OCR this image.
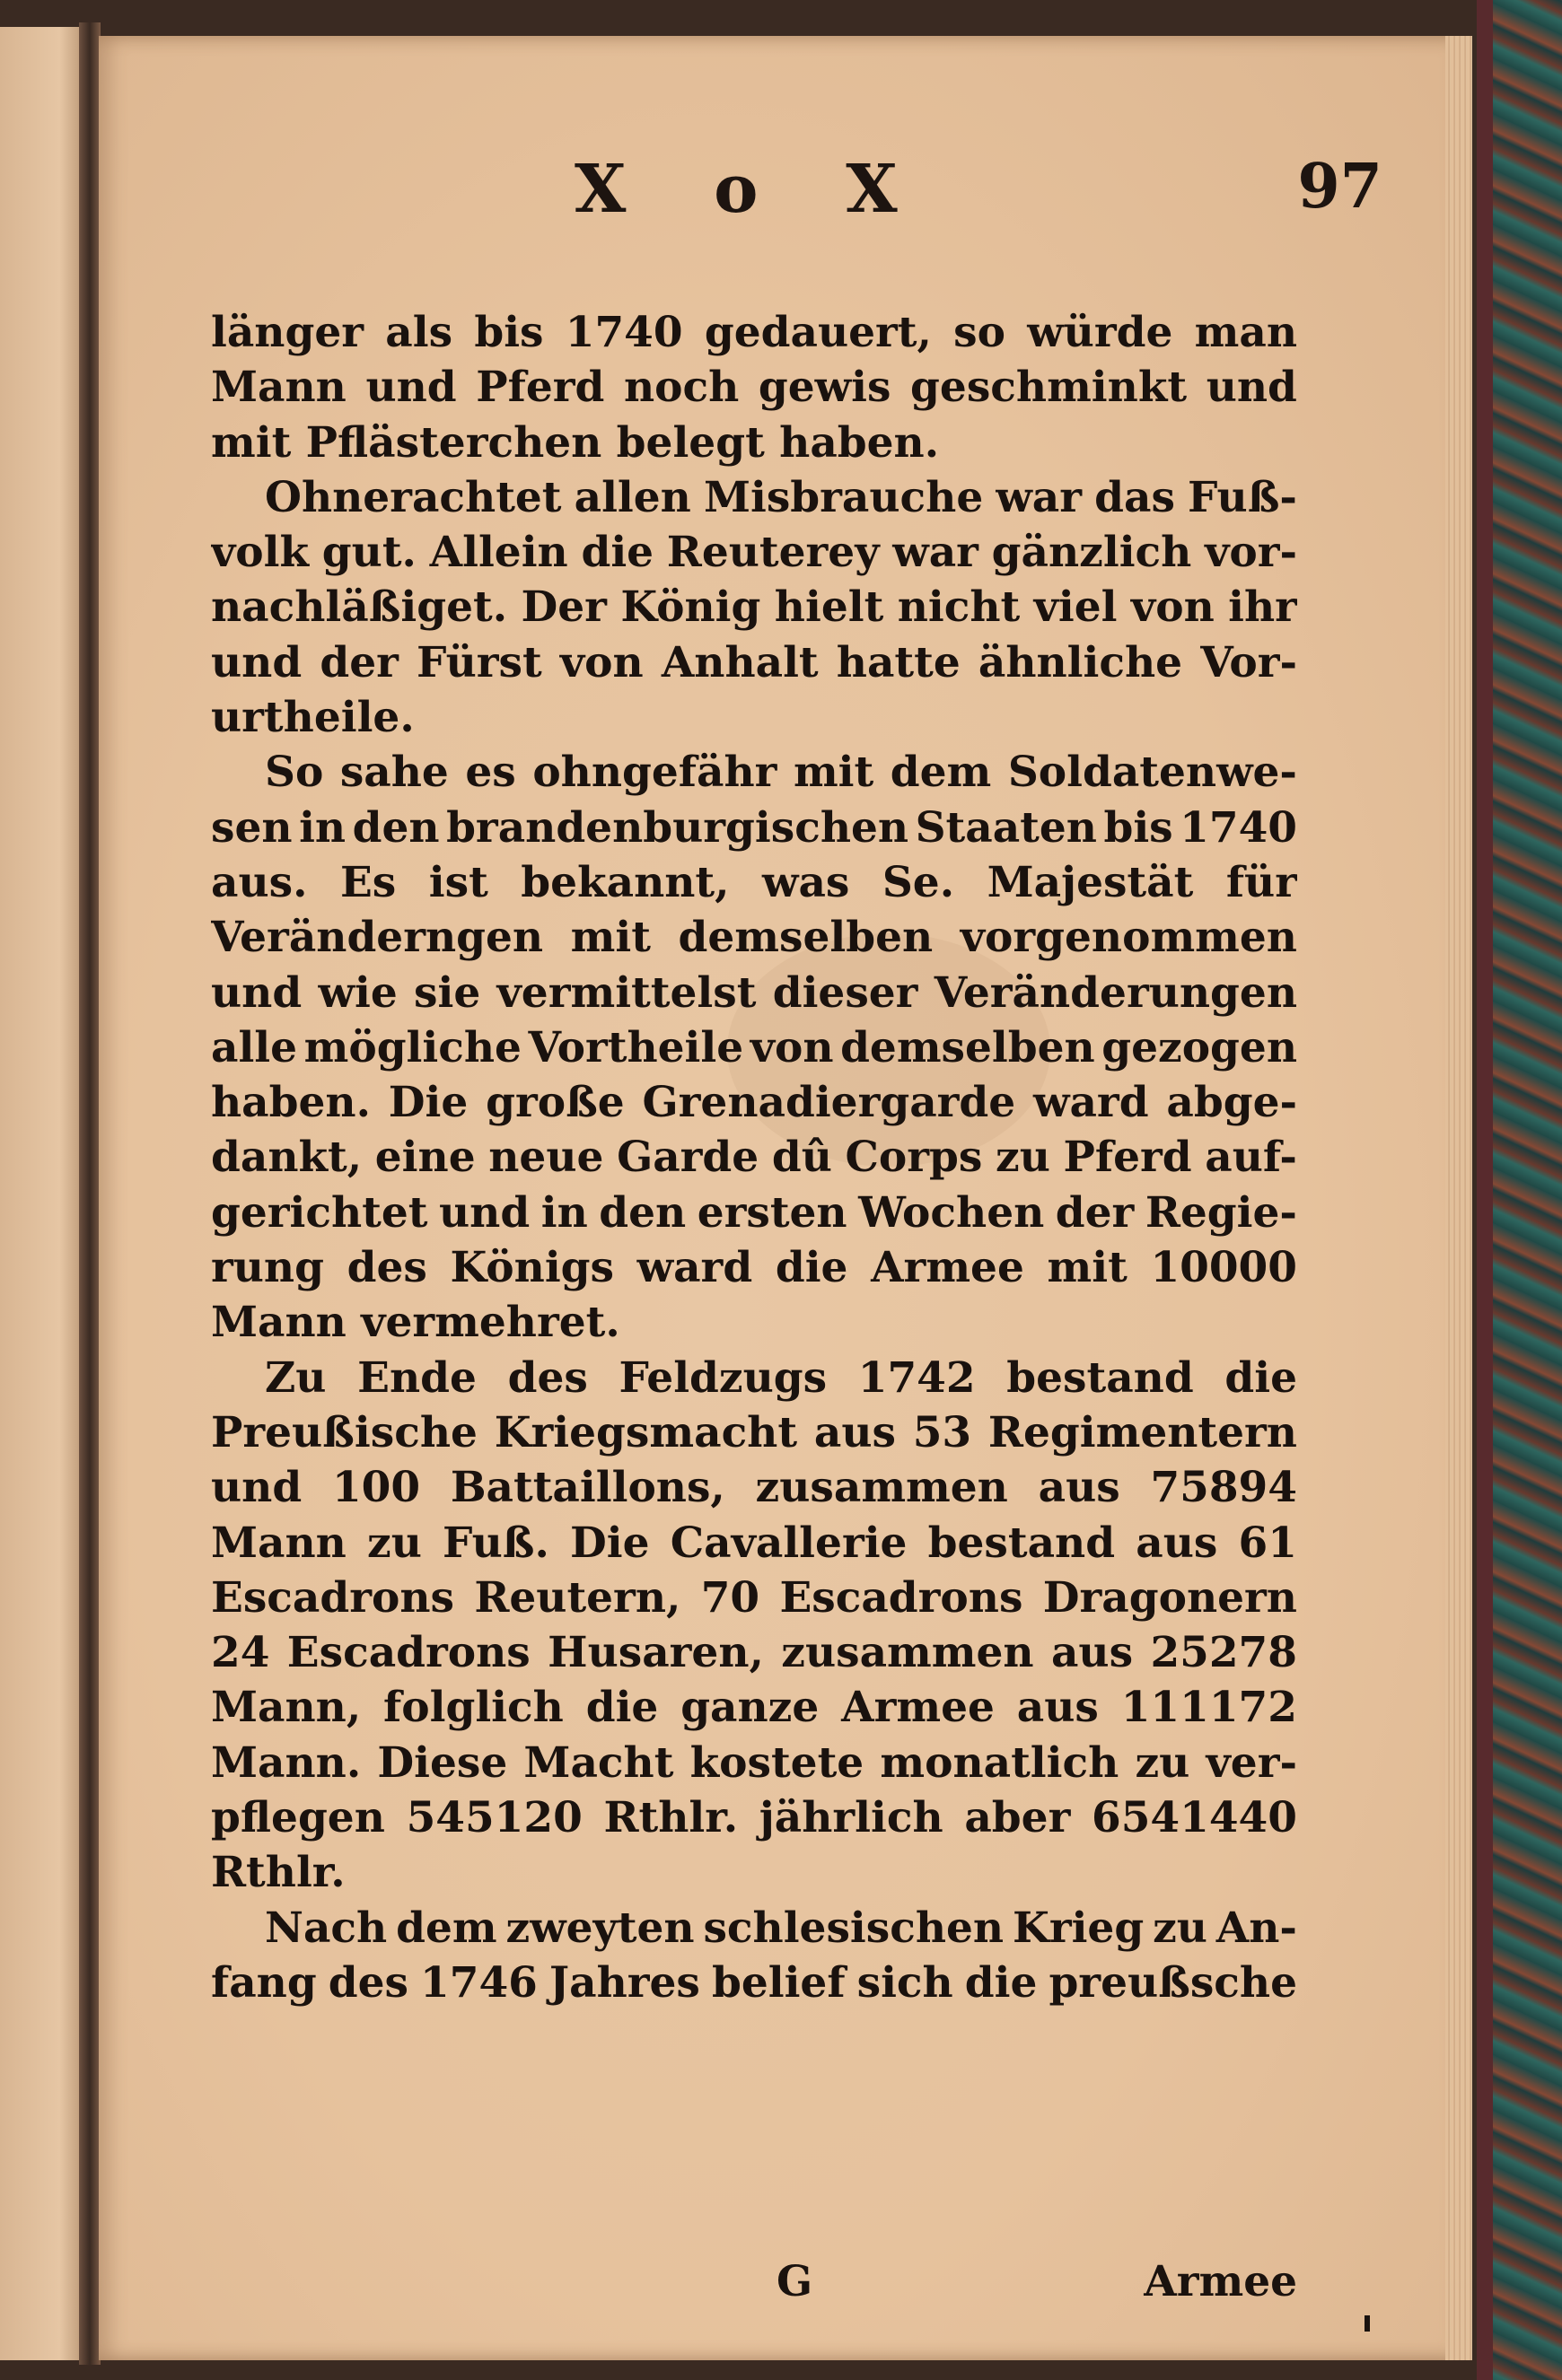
X o X	97
länger als bis 1740 gedauert, so würde man
Mann und Pferd noch gewis geschminkt und
mit Pflästerchen belegt haben.
Ohnerachtet allen Misbrauche war das Fuß-
volk gut. Allein die Reuterey war gänzlich vor-
nachläßiget. Der König hielt nicht viel von ihr
und der Fürst von Anhalt hatte ähnliche Vor-
urtheile.
So sahe es ohngefähr mit dem Soldatenwe-
sen in den brandenburgischen Staaten bis 1740
aus. Es ist bekannt, was Se. Majestät für
Veränderngen mit demselben vorgenommen
und wie sie vermittelst dieser Veränderungen
alle mögliche Vortheile von demselben gezogen
haben. Die große Grenadiergarde ward abge-
dankt, eine neue Garde dû Corps zu Pferd auf-
gerichtet und in den ersten Wochen der Regie-
rung des Königs ward die Armee mit 10000
Mann vermehret.
Zu Ende des Feldzugs 1742 bestand die
Preußische Kriegsmacht aus 53 Regimentern
und 100 Battaillons, zusammen aus 75894
Mann zu Fuß. Die Cavallerie bestand aus 61
Escadrons Reutern, 70 Escadrons Dragonern
24 Escadrons Husaren, zusammen aus 25278
Mann, folglich die ganze Armee aus 111172
Mann. Diese Macht kostete monatlich zu ver-
pflegen 545120 Rthlr. jährlich aber 6541440
Rthlr.
Nach dem zweyten schlesischen Krieg zu An-
fang des 1746 Jahres belief sich die preußsche
G	Armee
